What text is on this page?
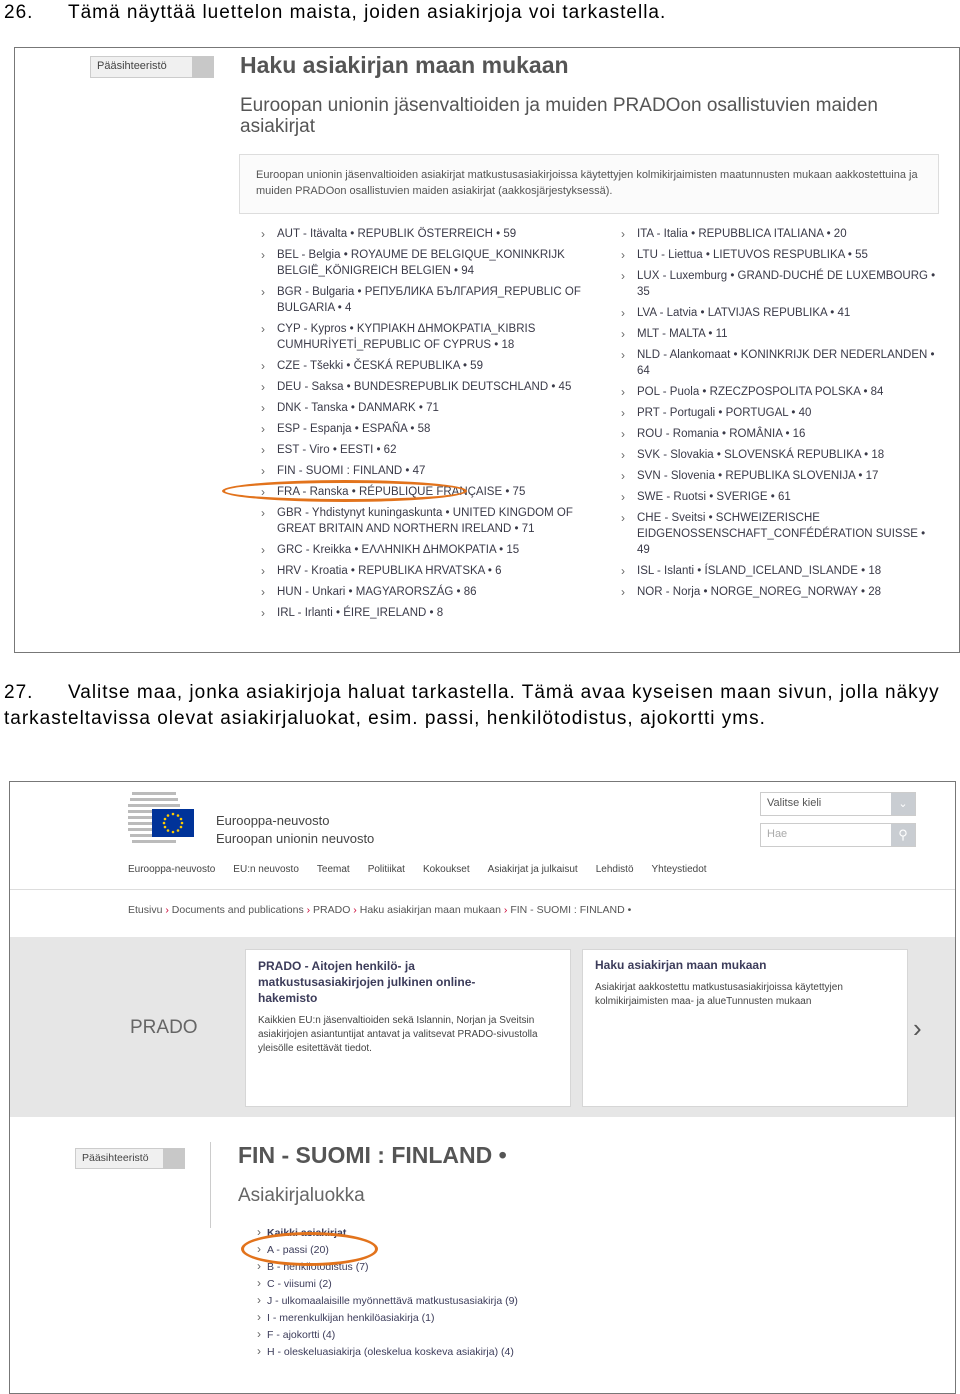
26. Tämä näyttää luettelon maista, joiden asiakirjoja voi tarkastella.
Pääsihteeristö	Haku asiakirjan maan mukaan
Euroopan unionin jäsenvaltioiden ja muiden PRADOon osallistuvien maiden asiakirjat
Euroopan unionin jäsenvaltioiden asiakirjat matkustusasiakirjoissa käytettyjen kolmikirjaimisten maatunnusten mukaan aakkostettuina ja muiden PRADOon osallistuvien maiden asiakirjat (aakkosjärjestyksessä).
› AUT - Itävalta • REPUBLIK ÖSTERREICH • 59
› BEL - Belgia • ROYAUME DE BELGIQUE_KONINKRIJK BELGIË_KÖNIGREICH BELGIEN • 94
› BGR - Bulgaria • РЕПУБЛИКА БЪЛГАРИЯ_REPUBLIC OF BULGARIA • 4
› CYP - Kypros • ΚΥΠΡΙΑΚΗ ΔΗΜΟΚΡΑΤΙΑ_KIBRIS CUMHURİYETİ_REPUBLIC OF CYPRUS • 18
› CZE - Tšekki • ČESKÁ REPUBLIKA • 59
› DEU - Saksa • BUNDESREPUBLIK DEUTSCHLAND • 45
› DNK - Tanska • DANMARK • 71
› ESP - Espanja • ESPAÑA • 58
› EST - Viro • EESTI • 62
› FIN - SUOMI : FINLAND • 47
› FRA - Ranska • RÉPUBLIQUE FRANÇAISE • 75
› GBR - Yhdistynyt kuningaskunta • UNITED KINGDOM OF GREAT BRITAIN AND NORTHERN IRELAND • 71
› GRC - Kreikka • ΕΛΛΗΝΙΚΗ ΔΗΜΟΚΡΑΤΙΑ • 15
› HRV - Kroatia • REPUBLIKA HRVATSKA • 6
› HUN - Unkari • MAGYARORSZÁG • 86
› IRL - Irlanti • ÉIRE_IRELAND • 8
› ITA - Italia • REPUBBLICA ITALIANA • 20
› LTU - Liettua • LIETUVOS RESPUBLIKA • 55
› LUX - Luxemburg • GRAND-DUCHÉ DE LUXEMBOURG • 35
› LVA - Latvia • LATVIJAS REPUBLIKA • 41
› MLT - MALTA • 11
› NLD - Alankomaat • KONINKRIJK DER NEDERLANDEN • 64
› POL - Puola • RZECZPOSPOLITA POLSKA • 84
› PRT - Portugali • PORTUGAL • 40
› ROU - Romania • ROMÂNIA • 16
› SVK - Slovakia • SLOVENSKÁ REPUBLIKA • 18
› SVN - Slovenia • REPUBLIKA SLOVENIJA • 17
› SWE - Ruotsi • SVERIGE • 61
› CHE - Sveitsi • SCHWEIZERISCHE EIDGENOSSENSCHAFT_CONFÉDÉRATION SUISSE • 49
› ISL - Islanti • ÍSLAND_ICELAND_ISLANDE • 18
› NOR - Norja • NORGE_NOREG_NORWAY • 28
27. Valitse maa, jonka asiakirjoja haluat tarkastella. Tämä avaa kyseisen maan sivun, jolla näkyy tarkasteltavissa olevat asiakirjaluokat, esim. passi, henkilötodistus, ajokortti yms.
Eurooppa-neuvosto
Euroopan unionin neuvosto
Valitse kieli	⌄
Hae	⚲
Eurooppa-neuvosto EU:n neuvosto Teemat Politiikat Kokoukset Asiakirjat ja julkaisut Lehdistö Yhteystiedot
Etusivu › Documents and publications › PRADO › Haku asiakirjan maan mukaan › FIN - SUOMI : FINLAND •
PRADO
PRADO - Aitojen henkilö- ja matkustusasiakirjojen julkinen online-hakemisto
Kaikkien EU:n jäsenvaltioiden sekä Islannin, Norjan ja Sveitsin asiakirjojen asiantuntijat antavat ja valitsevat PRADO-sivustolla yleisölle esitettävät tiedot.
Haku asiakirjan maan mukaan
Asiakirjat aakkostettu matkustusasiakirjoissa käytettyjen kolmikirjaimisten maa- ja alueTunnusten mukaan
›
Pääsihteeristö	FIN - SUOMI : FINLAND •
Asiakirjaluokka
› Kaikki asiakirjat
› A - passi (20)
› B - henkilötodistus (7)
› C - viisumi (2)
› J - ulkomaalaisille myönnettävä matkustusasiakirja (9)
› I - merenkulkijan henkilöasiakirja (1)
› F - ajokortti (4)
› H - oleskeluasiakirja (oleskelua koskeva asiakirja) (4)
